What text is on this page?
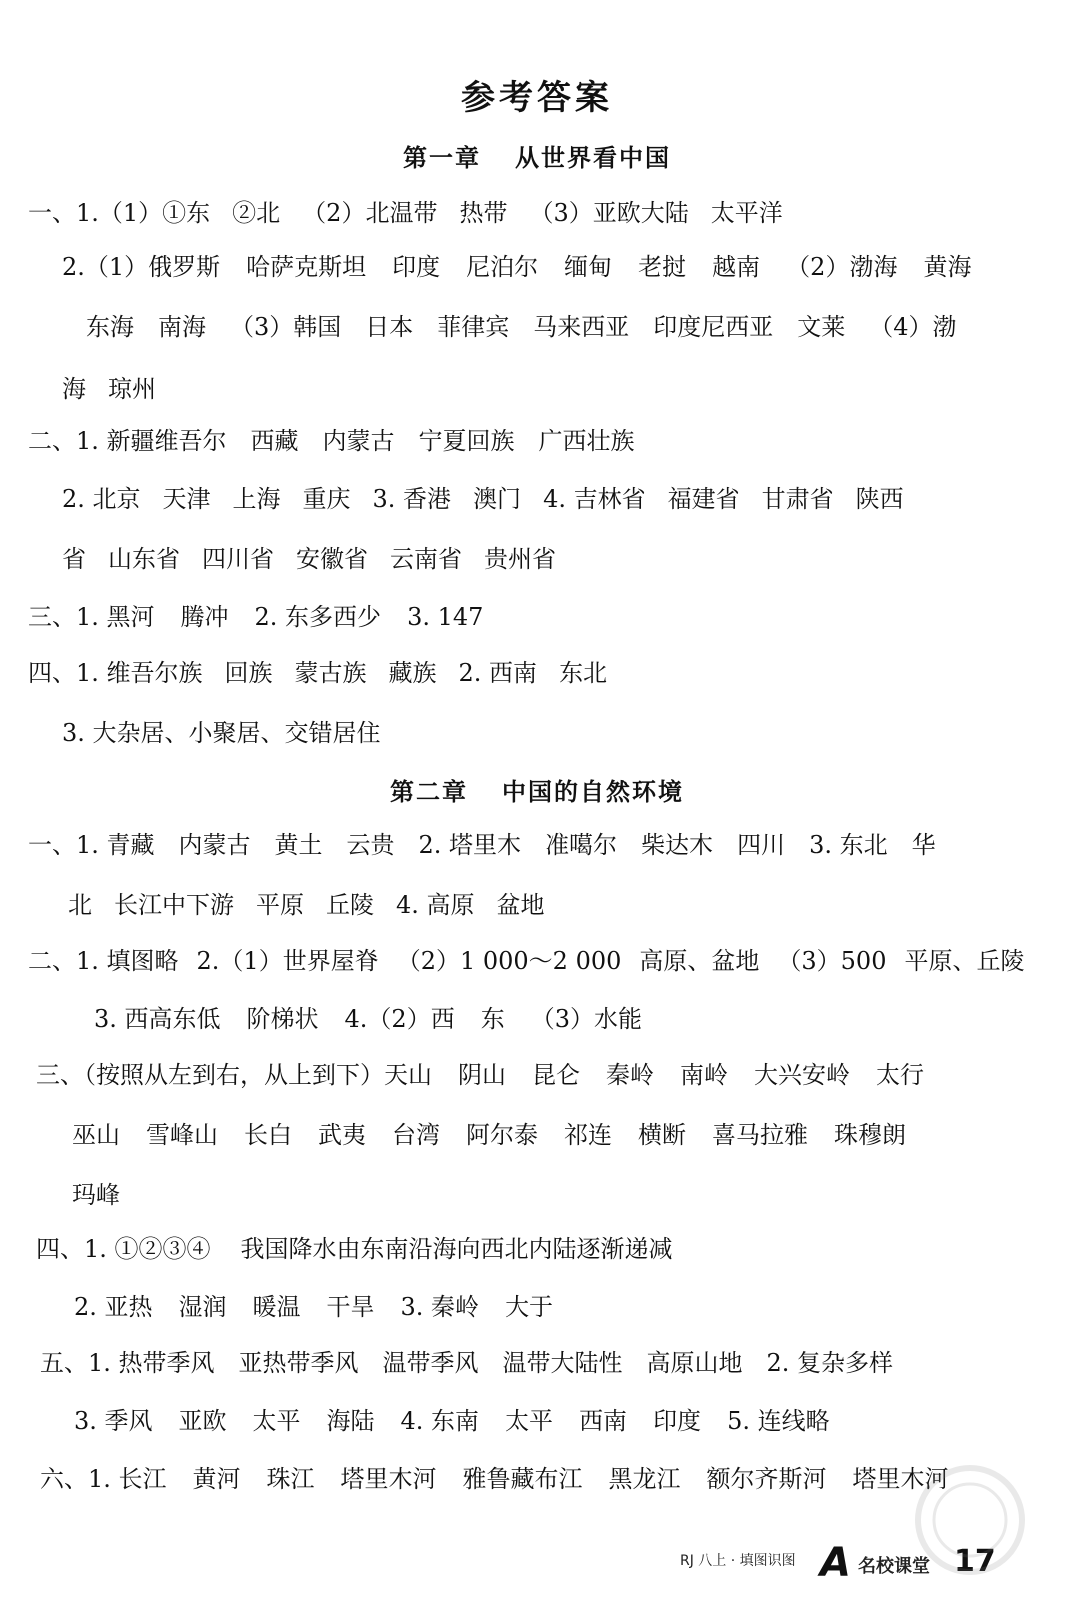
参考答案
第一章 从世界看中国
第二章 中国的自然环境
一、1.（1）①东 ②北 （2）北温带 热带 （3）亚欧大陆 太平洋
2.（1）俄罗斯 哈萨克斯坦 印度 尼泊尔 缅甸 老挝 越南 （2）渤海 黄海
东海 南海 （3）韩国 日本 菲律宾 马来西亚 印度尼西亚 文莱 （4）渤
海 琼州
二、1. 新疆维吾尔 西藏 内蒙古 宁夏回族 广西壮族
2. 北京 天津 上海 重庆 3. 香港 澳门 4. 吉林省 福建省 甘肃省 陕西
省 山东省 四川省 安徽省 云南省 贵州省
三、1. 黑河 腾冲 2. 东多西少 3. 147
四、1. 维吾尔族 回族 蒙古族 藏族 2. 西南 东北
3. 大杂居、小聚居、交错居住
一、1. 青藏 内蒙古 黄土 云贵 2. 塔里木 准噶尔 柴达木 四川 3. 东北 华
北 长江中下游 平原 丘陵 4. 高原 盆地
二、1. 填图略 2.（1）世界屋脊 （2）1 000～2 000 高原、盆地 （3）500 平原、丘陵
3. 西高东低 阶梯状 4.（2）西 东 （3）水能
三、（按照从左到右，从上到下）天山 阴山 昆仑 秦岭 南岭 大兴安岭 太行
巫山 雪峰山 长白 武夷 台湾 阿尔泰 祁连 横断 喜马拉雅 珠穆朗
玛峰
四、1. ①②③④ 我国降水由东南沿海向西北内陆逐渐递减
2. 亚热 湿润 暖温 干旱 3. 秦岭 大于
五、1. 热带季风 亚热带季风 温带季风 温带大陆性 高原山地 2. 复杂多样
3. 季风 亚欧 太平 海陆 4. 东南 太平 西南 印度 5. 连线略
六、1. 长江 黄河 珠江 塔里木河 雅鲁藏布江 黑龙江 额尔齐斯河 塔里木河
RJ 八上 · 填图识图 A 名校课堂 17
